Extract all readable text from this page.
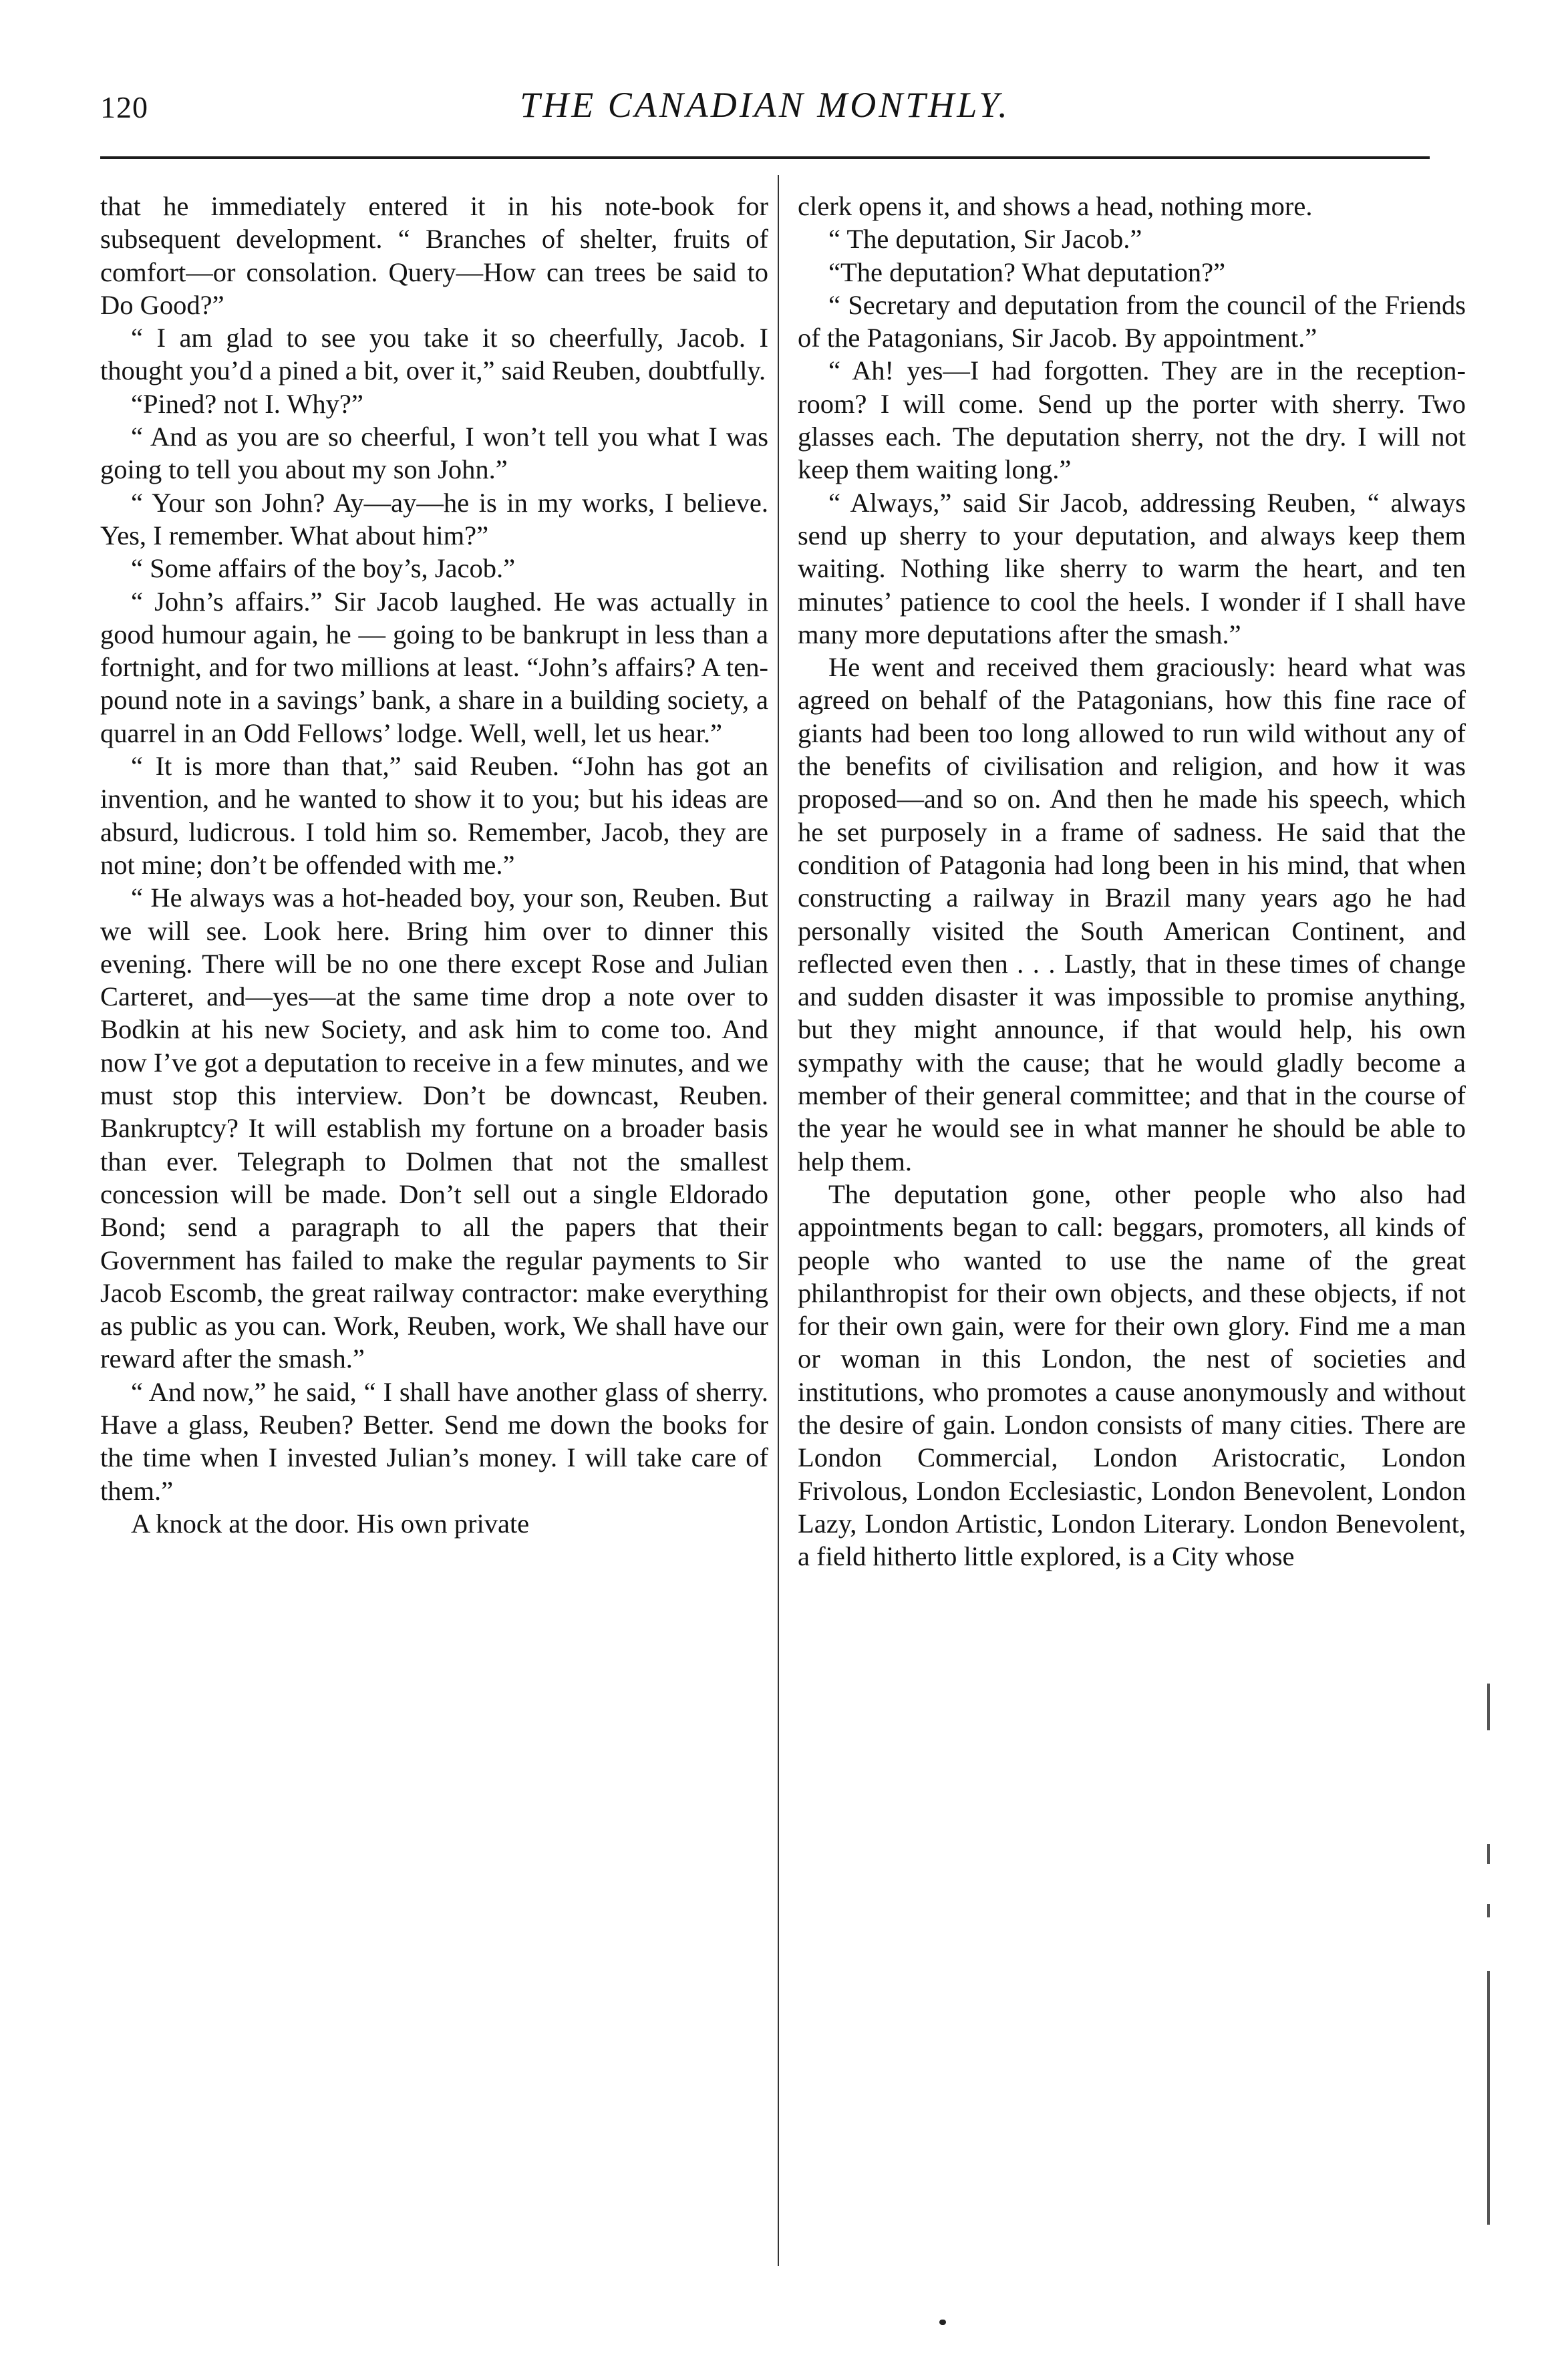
120	THE CANADIAN MONTHLY.

that he immediately entered it in his note-book for subsequent development. “ Branches of shelter, fruits of comfort—or consolation. Query—How can trees be said to Do Good?”

“ I am glad to see you take it so cheerfully, Jacob. I thought you’d a pined a bit, over it,” said Reuben, doubtfully.

“Pined? not I. Why?”

“ And as you are so cheerful, I won’t tell you what I was going to tell you about my son John.”

“ Your son John? Ay—ay—he is in my works, I believe. Yes, I remember. What about him?”

“ Some affairs of the boy’s, Jacob.”

“ John’s affairs.” Sir Jacob laughed. He was actually in good humour again, he — going to be bankrupt in less than a fortnight, and for two millions at least. “John’s affairs? A ten-pound note in a savings’ bank, a share in a building society, a quarrel in an Odd Fellows’ lodge. Well, well, let us hear.”

“ It is more than that,” said Reuben. “John has got an invention, and he wanted to show it to you; but his ideas are absurd, ludicrous. I told him so. Remember, Jacob, they are not mine; don’t be offended with me.”

“ He always was a hot-headed boy, your son, Reuben. But we will see. Look here. Bring him over to dinner this evening. There will be no one there except Rose and Julian Carteret, and—yes—at the same time drop a note over to Bodkin at his new Society, and ask him to come too. And now I’ve got a deputation to receive in a few minutes, and we must stop this interview. Don’t be downcast, Reuben. Bankruptcy? It will establish my fortune on a broader basis than ever. Telegraph to Dolmen that not the smallest concession will be made. Don’t sell out a single Eldorado Bond; send a paragraph to all the papers that their Government has failed to make the regular payments to Sir Jacob Escomb, the great railway contractor: make everything as public as you can. Work, Reuben, work, We shall have our reward after the smash.”

“ And now,” he said, “ I shall have another glass of sherry. Have a glass, Reuben? Better. Send me down the books for the time when I invested Julian’s money. I will take care of them.”

A knock at the door. His own private

clerk opens it, and shows a head, nothing more.

“ The deputation, Sir Jacob.”

“The deputation? What deputation?”

“ Secretary and deputation from the council of the Friends of the Patagonians, Sir Jacob. By appointment.”

“ Ah! yes—I had forgotten. They are in the reception-room? I will come. Send up the porter with sherry. Two glasses each. The deputation sherry, not the dry. I will not keep them waiting long.”

“ Always,” said Sir Jacob, addressing Reuben, “ always send up sherry to your deputation, and always keep them waiting. Nothing like sherry to warm the heart, and ten minutes’ patience to cool the heels. I wonder if I shall have many more deputations after the smash.”

He went and received them graciously: heard what was agreed on behalf of the Patagonians, how this fine race of giants had been too long allowed to run wild without any of the benefits of civilisation and religion, and how it was proposed—and so on. And then he made his speech, which he set purposely in a frame of sadness. He said that the condition of Patagonia had long been in his mind, that when constructing a railway in Brazil many years ago he had personally visited the South American Continent, and reflected even then . . . Lastly, that in these times of change and sudden disaster it was impossible to promise anything, but they might announce, if that would help, his own sympathy with the cause; that he would gladly become a member of their general committee; and that in the course of the year he would see in what manner he should be able to help them.

The deputation gone, other people who also had appointments began to call: beggars, promoters, all kinds of people who wanted to use the name of the great philanthropist for their own objects, and these objects, if not for their own gain, were for their own glory. Find me a man or woman in this London, the nest of societies and institutions, who promotes a cause anonymously and without the desire of gain. London consists of many cities. There are London Commercial, London Aristocratic, London Frivolous, London Ecclesiastic, London Benevolent, London Lazy, London Artistic, London Literary. London Benevolent, a field hitherto little explored, is a City whose
